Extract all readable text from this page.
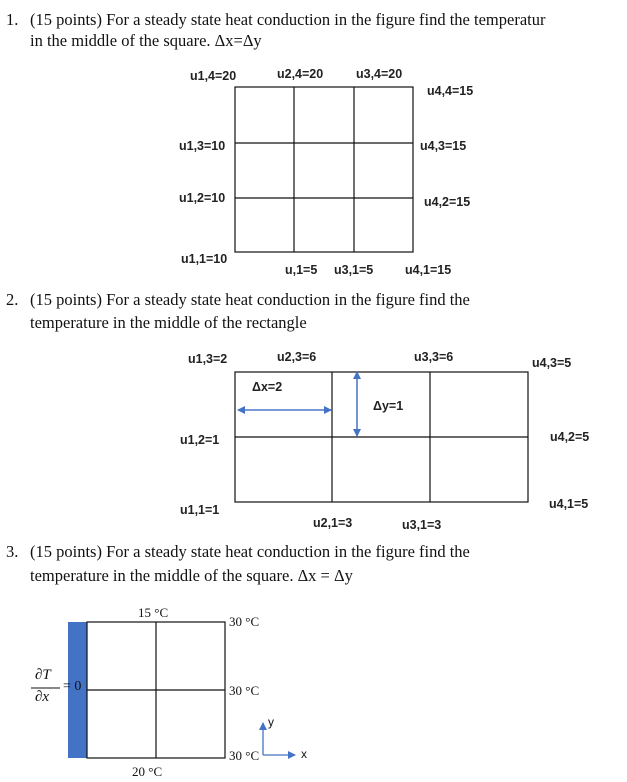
1. (15 points) For a steady state heat conduction in the figure find the temperatur
in the middle of the square. Δx=Δy
2. (15 points) For a steady state heat conduction in the figure find the
temperature in the middle of the rectangle
3. (15 points) For a steady state heat conduction in the figure find the
temperature in the middle of the square. Δx = Δy
u1,4=20	u2,4=20	u3,4=20
u4,4=15
u1,3=10	u4,3=15
u1,2=10	u4,2=15
u1,1=10
u,1=5 u3,1=5	u4,1=15
u1,3=2	u2,3=6	u3,3=6	u4,3=5
Δx=2
Δy=1
u1,2=1	u4,2=5
u1,1=1	u4,1=5
u2,1=3	u3,1=3
15 °C
20 °C
30 °C
30 °C
30 °C
∂T
∂x
= 0
y
x
